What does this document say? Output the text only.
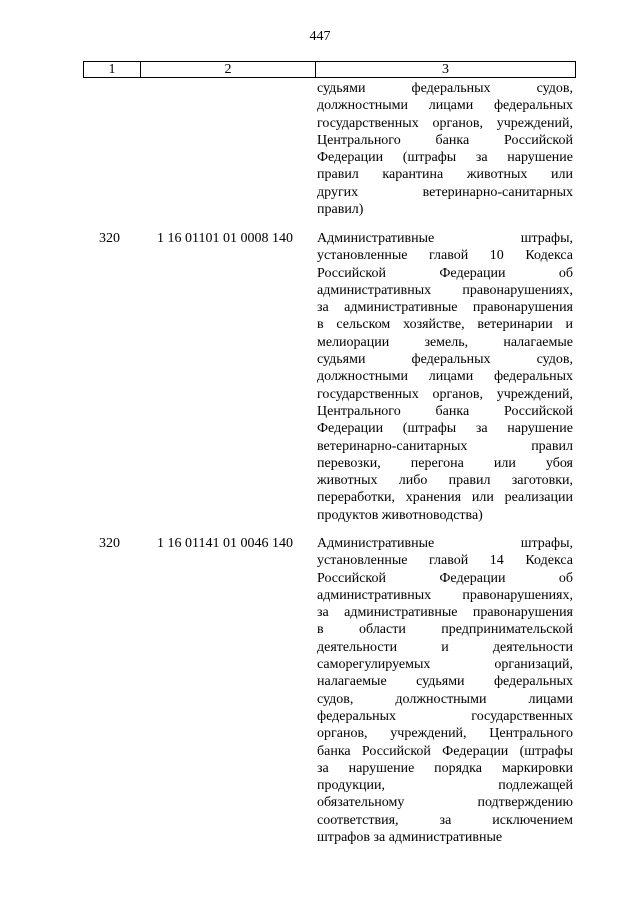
447
1	2	3
судьями федеральных судов,
должностными лицами федеральных
государственных органов, учреждений,
Центрального банка Российской
Федерации (штрафы за нарушение
правил карантина животных или
других ветеринарно-санитарных
правил)
320	1 16 01101 01 0008 140 Административные штрафы,
установленные главой 10 Кодекса
Российской Федерации об
административных правонарушениях,
за административные правонарушения
в сельском хозяйстве, ветеринарии и
мелиорации земель, налагаемые
судьями федеральных судов,
должностными лицами федеральных
государственных органов, учреждений,
Центрального банка Российской
Федерации (штрафы за нарушение
ветеринарно-санитарных правил
перевозки, перегона или убоя
животных либо правил заготовки,
переработки, хранения или реализации
продуктов животноводства)
320	1 16 01141 01 0046 140 Административные штрафы,
установленные главой 14 Кодекса
Российской Федерации об
административных правонарушениях,
за административные правонарушения
в области предпринимательской
деятельности и деятельности
саморегулируемых организаций,
налагаемые судьями федеральных
судов, должностными лицами
федеральных государственных
органов, учреждений, Центрального
банка Российской Федерации (штрафы
за нарушение порядка маркировки
продукции, подлежащей
обязательному подтверждению
соответствия, за исключением
штрафов за административные
